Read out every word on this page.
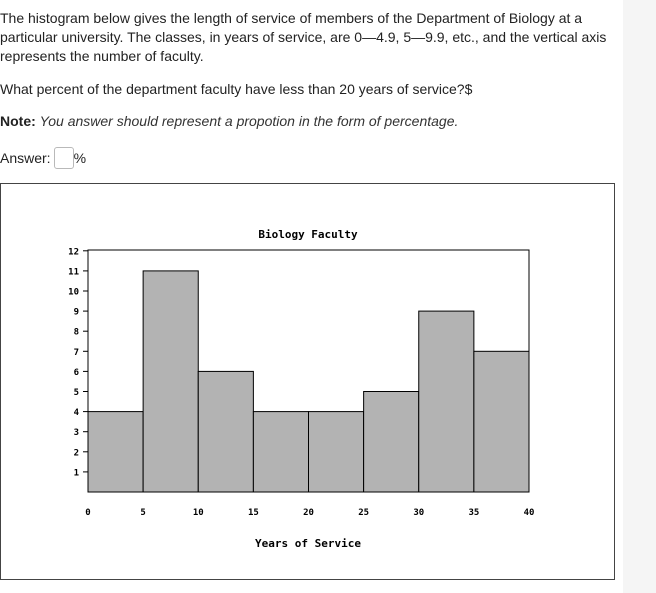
The histogram below gives the length of service of members of the Department of Biology at a particular university. The classes, in years of service, are 0—4.9, 5—9.9, etc., and the vertical axis represents the number of faculty.
What percent of the department faculty have less than 20 years of service?$
Note: You answer should represent a propotion in the form of percentage.
Answer: %
Biology Faculty
1
2
3
4
5
6
7
8
9
10
11
12
0	5	10	15	20	25	30	35	40
Years of Service
